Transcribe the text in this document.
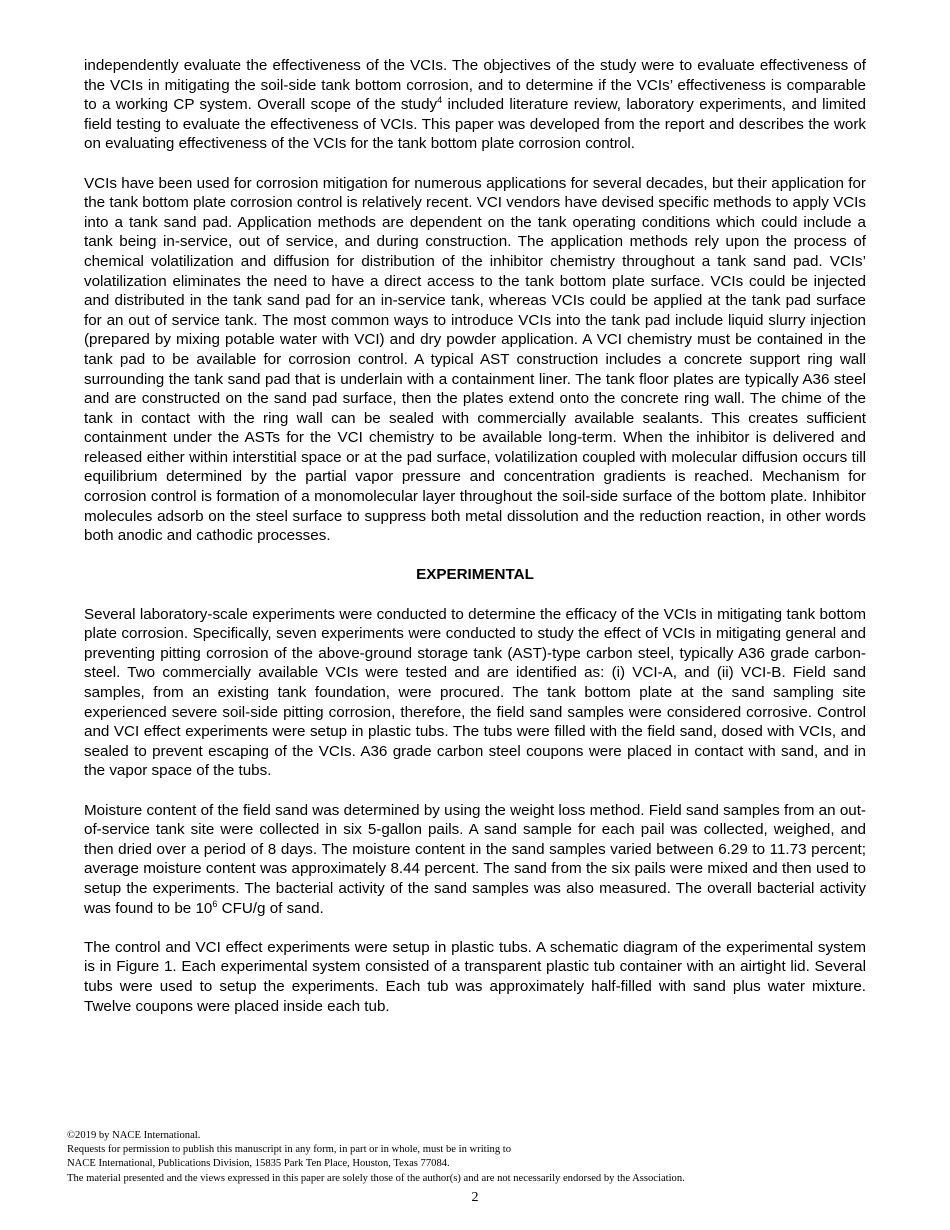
independently evaluate the effectiveness of the VCIs. The objectives of the study were to evaluate effectiveness of the VCIs in mitigating the soil-side tank bottom corrosion, and to determine if the VCIs’ effectiveness is comparable to a working CP system. Overall scope of the study$^4$ included literature review, laboratory experiments, and limited field testing to evaluate the effectiveness of VCIs. This paper was developed from the report and describes the work on evaluating effectiveness of the VCIs for the tank bottom plate corrosion control.

VCIs have been used for corrosion mitigation for numerous applications for several decades, but their application for the tank bottom plate corrosion control is relatively recent. VCI vendors have devised specific methods to apply VCIs into a tank sand pad. Application methods are dependent on the tank operating conditions which could include a tank being in-service, out of service, and during construction. The application methods rely upon the process of chemical volatilization and diffusion for distribution of the inhibitor chemistry throughout a tank sand pad. VCIs’ volatilization eliminates the need to have a direct access to the tank bottom plate surface. VCIs could be injected and distributed in the tank sand pad for an in-service tank, whereas VCIs could be applied at the tank pad surface for an out of service tank. The most common ways to introduce VCIs into the tank pad include liquid slurry injection (prepared by mixing potable water with VCI) and dry powder application. A VCI chemistry must be contained in the tank pad to be available for corrosion control. A typical AST construction includes a concrete support ring wall surrounding the tank sand pad that is underlain with a containment liner. The tank floor plates are typically A36 steel and are constructed on the sand pad surface, then the plates extend onto the concrete ring wall. The chime of the tank in contact with the ring wall can be sealed with commercially available sealants. This creates sufficient containment under the ASTs for the VCI chemistry to be available long-term. When the inhibitor is delivered and released either within interstitial space or at the pad surface, volatilization coupled with molecular diffusion occurs till equilibrium determined by the partial vapor pressure and concentration gradients is reached. Mechanism for corrosion control is formation of a monomolecular layer throughout the soil-side surface of the bottom plate. Inhibitor molecules adsorb on the steel surface to suppress both metal dissolution and the reduction reaction, in other words both anodic and cathodic processes.

EXPERIMENTAL

Several laboratory-scale experiments were conducted to determine the efficacy of the VCIs in mitigating tank bottom plate corrosion. Specifically, seven experiments were conducted to study the effect of VCIs in mitigating general and preventing pitting corrosion of the above-ground storage tank (AST)-type carbon steel, typically A36 grade carbon-steel. Two commercially available VCIs were tested and are identified as: (i) VCI-A, and (ii) VCI-B. Field sand samples, from an existing tank foundation, were procured. The tank bottom plate at the sand sampling site experienced severe soil-side pitting corrosion, therefore, the field sand samples were considered corrosive. Control and VCI effect experiments were setup in plastic tubs. The tubs were filled with the field sand, dosed with VCIs, and sealed to prevent escaping of the VCIs. A36 grade carbon steel coupons were placed in contact with sand, and in the vapor space of the tubs.

Moisture content of the field sand was determined by using the weight loss method. Field sand samples from an out-of-service tank site were collected in six 5-gallon pails. A sand sample for each pail was collected, weighed, and then dried over a period of 8 days. The moisture content in the sand samples varied between 6.29 to 11.73 percent; average moisture content was approximately 8.44 percent. The sand from the six pails were mixed and then used to setup the experiments. The bacterial activity of the sand samples was also measured. The overall bacterial activity was found to be $10^6$ CFU/g of sand.

The control and VCI effect experiments were setup in plastic tubs. A schematic diagram of the experimental system is in Figure 1. Each experimental system consisted of a transparent plastic tub container with an airtight lid. Several tubs were used to setup the experiments. Each tub was approximately half-filled with sand plus water mixture. Twelve coupons were placed inside each tub.

©2019 by NACE International.
Requests for permission to publish this manuscript in any form, in part or in whole, must be in writing to
NACE International, Publications Division, 15835 Park Ten Place, Houston, Texas 77084.
The material presented and the views expressed in this paper are solely those of the author(s) and are not necessarily endorsed by the Association.
2
